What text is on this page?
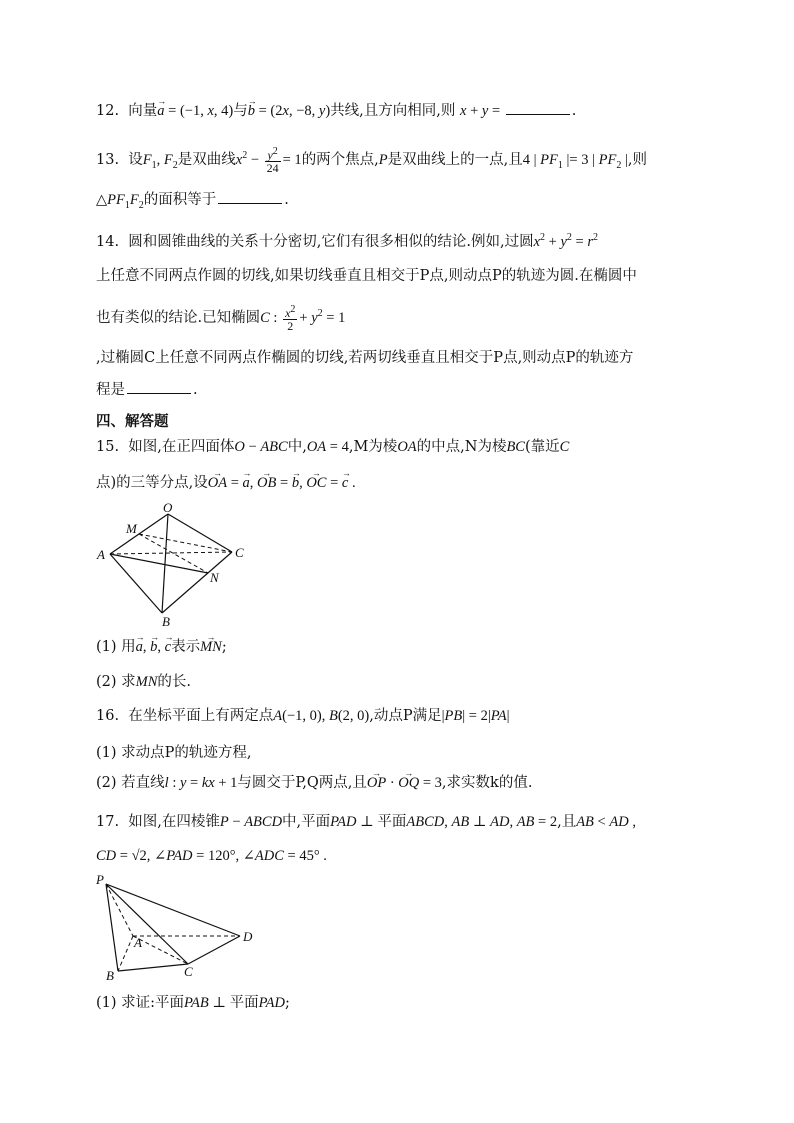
12. 向量→ a = (−1, x, 4)与→ b = (2x, −8, y)共线,且方向相同,则 x + y =	.
13. 设$F_1$, $F_2$是双曲线$x^2 - \frac{y^2}{24} = 1$的两个焦点,P是双曲线上的一点,且4 | $PF_1$ |= 3 | $PF_2$ |,则
$\triangle PF_1F_2$的面积等于	.
14. 圆和圆锥曲线的关系十分密切,它们有很多相似的结论.例如,过圆$x^2 + y^2 = r^2$
上任意不同两点作圆的切线,如果切线垂直且相交于P点,则动点P的轨迹为圆.在椭圆中
也有类似的结论.已知椭圆C : $\frac{x^2}{2} + y^2 = 1$
,过椭圆C上任意不同两点作椭圆的切线,若两切线垂直且相交于P点,则动点P的轨迹方
程是	.
四、解答题
15. 如图,在正四面体O − ABC中,OA = 4,M为棱OA的中点,N为棱BC(靠近C
点)的三等分点,设→ OA = → a, → OB = → b, → OC = → c .
O
M
A	C
N
B
(1) 用→ a, → b, → c表示→ MN;
(2) 求MN的长.
16. 在坐标平面上有两定点A(−1, 0), B(2, 0),动点P满足|PB| = 2|PA|
(1) 求动点P的轨迹方程,
(2) 若直线l : y = kx + 1与圆交于P,Q两点,且→ OP · → OQ = 3,求实数k的值.
17. 如图,在四棱锥P − ABCD中,平面PAD ⊥ 平面ABCD, AB ⊥ AD, AB = 2,且AB < AD ,
CD = √2, ∠PAD = 120°, ∠ADC = 45° .
P
A	D
B	C
(1) 求证:平面PAB ⊥ 平面PAD;
